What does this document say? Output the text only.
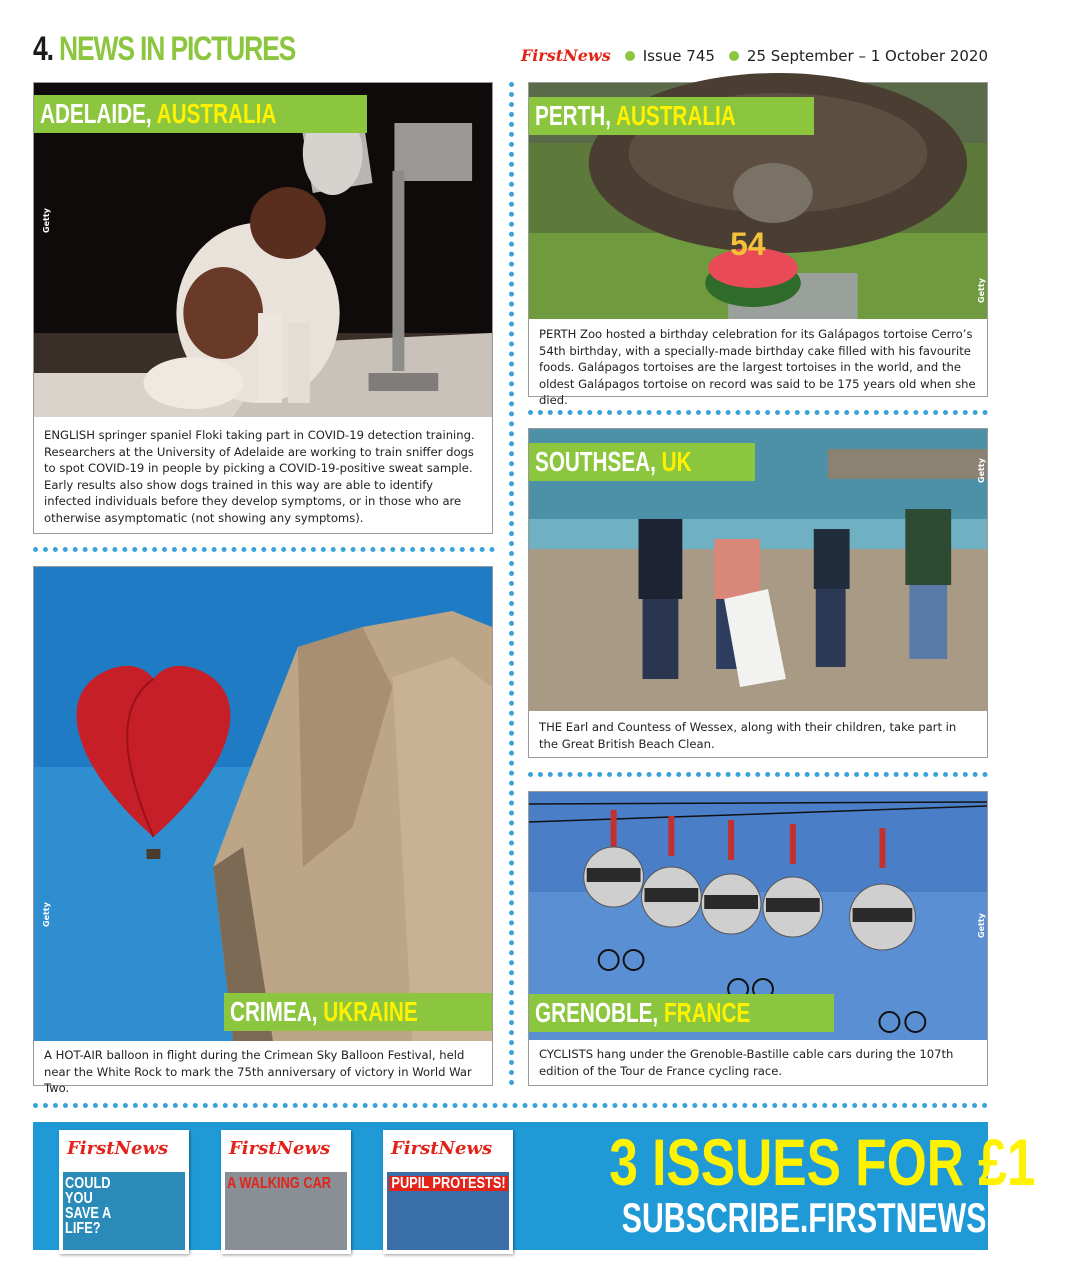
4. NEWS IN PICTURES	FirstNews Issue 745 25 September – 1 October 2020
Getty
ADELAIDE, AUSTRALIA
ENGLISH springer spaniel Floki taking part in COVID-19 detection training. Researchers at the University of Adelaide are working to train sniffer dogs to spot COVID-19 in people by picking a COVID-19-positive sweat sample. Early results also show dogs trained in this way are able to identify infected individuals before they develop symptoms, or in those who are otherwise asymptomatic (not showing any symptoms).
54
Getty
PERTH, AUSTRALIA
PERTH Zoo hosted a birthday celebration for its Galápagos tortoise Cerro’s 54th birthday, with a specially-made birthday cake filled with his favourite foods. Galápagos tortoises are the largest tortoises in the world, and the oldest Galápagos tortoise on record was said to be 175 years old when she died.
Getty
SOUTHSEA, UK
THE Earl and Countess of Wessex, along with their children, take part in the Great British Beach Clean.
Getty
CRIMEA, UKRAINE
A HOT-AIR balloon in flight during the Crimean Sky Balloon Festival, held near the White Rock to mark the 75th anniversary of victory in World War Two.
Getty
GRENOBLE, FRANCE
CYCLISTS hang under the Grenoble-Bastille cable cars during the 107th edition of the Tour de France cycling race.
FirstNews
COULD YOU SAVE A LIFE?
FirstNews
A WALKING CAR
FirstNews
PUPIL PROTESTS! 3 ISSUES FOR £1
SUBSCRIBE.FIRSTNEWS.CO.UK
